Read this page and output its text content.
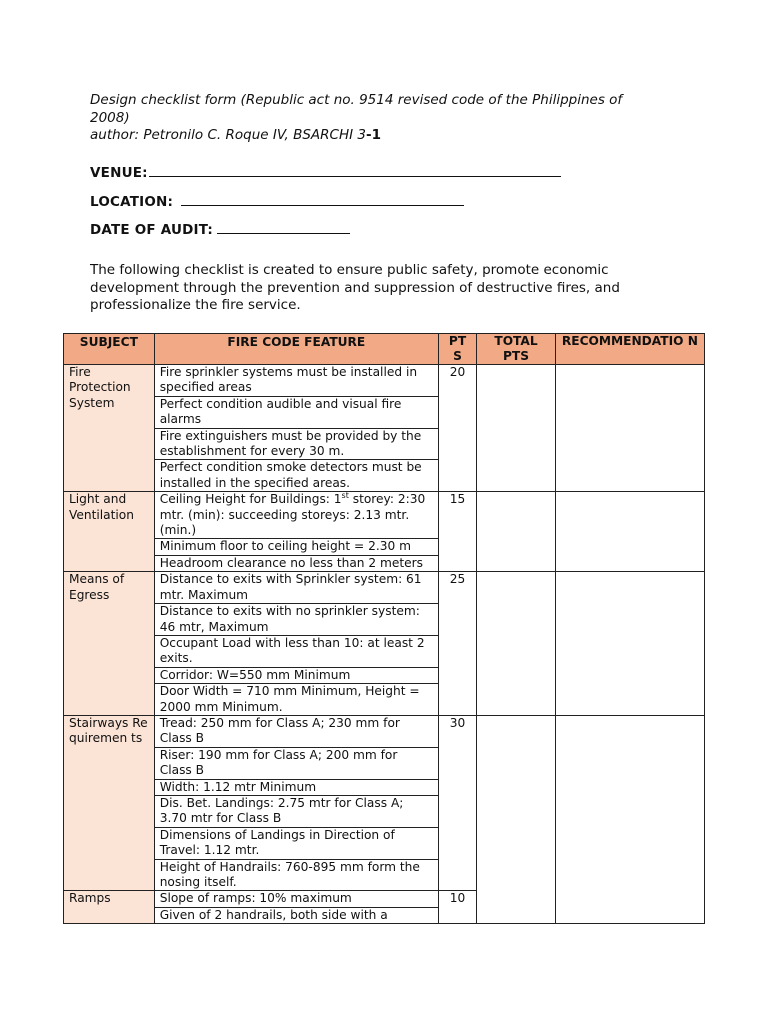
Design checklist form (Republic act no. 9514 revised code of the Philippines of
2008)
author: Petronilo C. Roque IV, BSARCHI 3-1
VENUE:
LOCATION:
DATE OF AUDIT:
The following checklist is created to ensure public safety, promote economic development through the prevention and suppression of destructive fires, and professionalize the fire service.
SUBJECT	FIRE CODE FEATURE	PT S	TOTAL PTS	RECOMMENDATIO N
Fire Protection System	Fire sprinkler systems must be installed in specified areas	20		
	Perfect condition audible and visual fire alarms			
	Fire extinguishers must be provided by the establishment for every 30 m.			
	Perfect condition smoke detectors must be installed in the specified areas.			
Light and Ventilation	Ceiling Height for Buildings: 1st storey: 2:30 mtr. (min): succeeding storeys: 2.13 mtr.(min.)	15		
	Minimum floor to ceiling height = 2.30 m			
	Headroom clearance no less than 2 meters			
Means of Egress	Distance to exits with Sprinkler system: 61 mtr. Maximum	25		
	Distance to exits with no sprinkler system: 46 mtr, Maximum			
	Occupant Load with less than 10: at least 2 exits.			
	Corridor: W=550 mm Minimum			
	Door Width = 710 mm Minimum, Height = 2000 mm Minimum.			
Stairways Requiremen ts	Tread: 250 mm for Class A; 230 mm for Class B	30		
	Riser: 190 mm for Class A; 200 mm for Class B			
	Width: 1.12 mtr Minimum			
	Dis. Bet. Landings: 2.75 mtr for Class A; 3.70 mtr for Class B			
	Dimensions of Landings in Direction of Travel: 1.12 mtr.			
	Height of Handrails: 760-895 mm form the nosing itself.			
Ramps	Slope of ramps: 10% maximum	10		
	Given of 2 handrails, both side with a			
